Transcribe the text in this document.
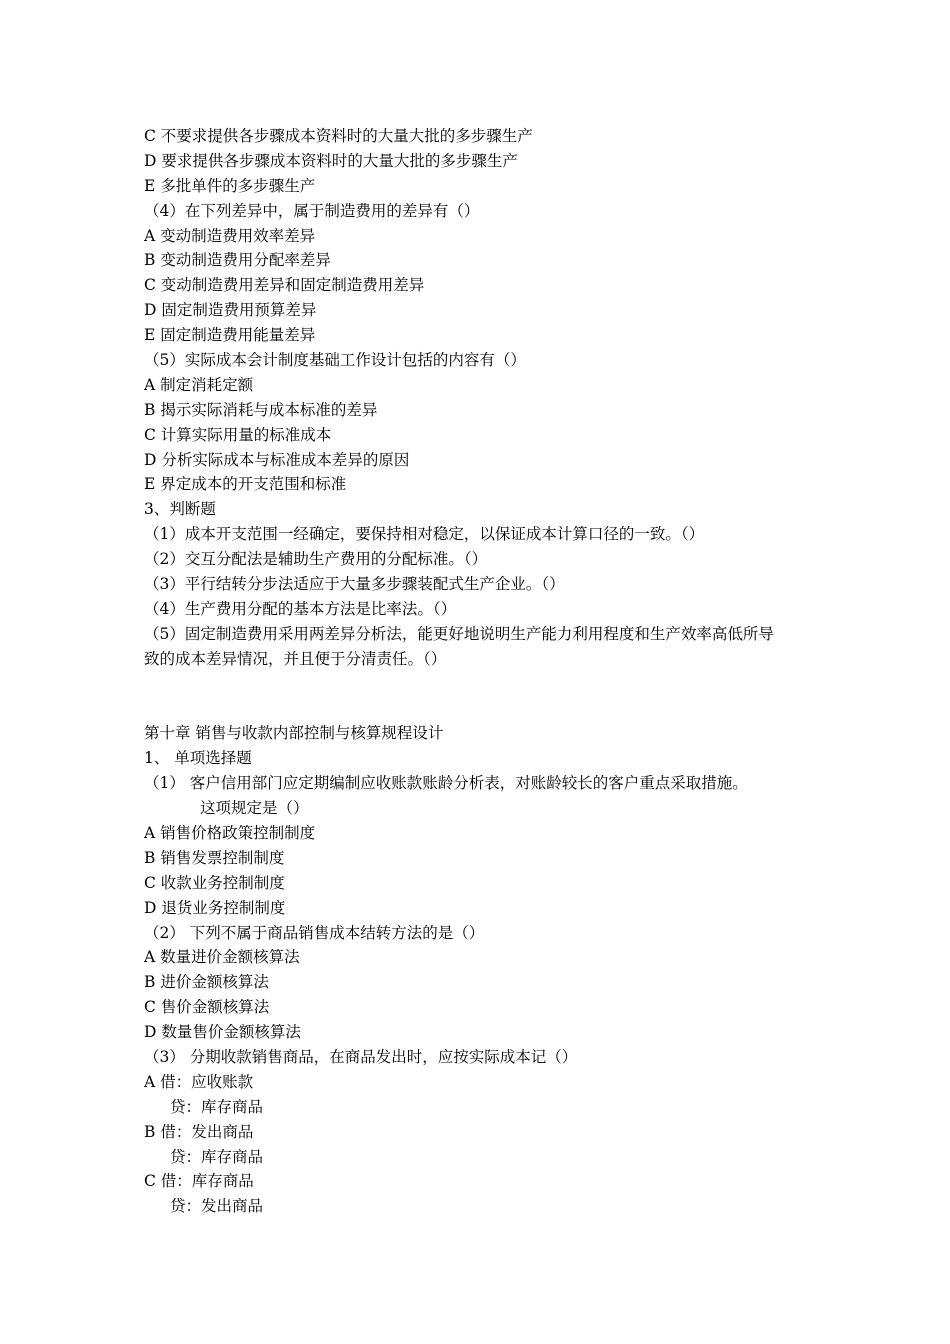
C 不要求提供各步骤成本资料时的大量大批的多步骤生产
D 要求提供各步骤成本资料时的大量大批的多步骤生产
E 多批单件的多步骤生产
（4）在下列差异中，属于制造费用的差异有（）
A 变动制造费用效率差异
B 变动制造费用分配率差异
C 变动制造费用差异和固定制造费用差异
D 固定制造费用预算差异
E 固定制造费用能量差异
（5）实际成本会计制度基础工作设计包括的内容有（）
A 制定消耗定额
B 揭示实际消耗与成本标准的差异
C 计算实际用量的标准成本
D 分析实际成本与标准成本差异的原因
E 界定成本的开支范围和标准
3、判断题
（1）成本开支范围一经确定，要保持相对稳定，以保证成本计算口径的一致。（）
（2）交互分配法是辅助生产费用的分配标准。（）
（3）平行结转分步法适应于大量多步骤装配式生产企业。（）
（4）生产费用分配的基本方法是比率法。（）
（5）固定制造费用采用两差异分析法，能更好地说明生产能力利用程度和生产效率高低所导
致的成本差异情况，并且便于分清责任。（）
第十章 销售与收款内部控制与核算规程设计
1、 单项选择题
（1） 客户信用部门应定期编制应收账款账龄分析表，对账龄较长的客户重点采取措施。
这项规定是（）
A 销售价格政策控制制度
B 销售发票控制制度
C 收款业务控制制度
D 退货业务控制制度
（2） 下列不属于商品销售成本结转方法的是（）
A 数量进价金额核算法
B 进价金额核算法
C 售价金额核算法
D 数量售价金额核算法
（3） 分期收款销售商品，在商品发出时，应按实际成本记（）
A 借：应收账款
贷：库存商品
B 借：发出商品
贷：库存商品
C 借：库存商品
贷：发出商品
